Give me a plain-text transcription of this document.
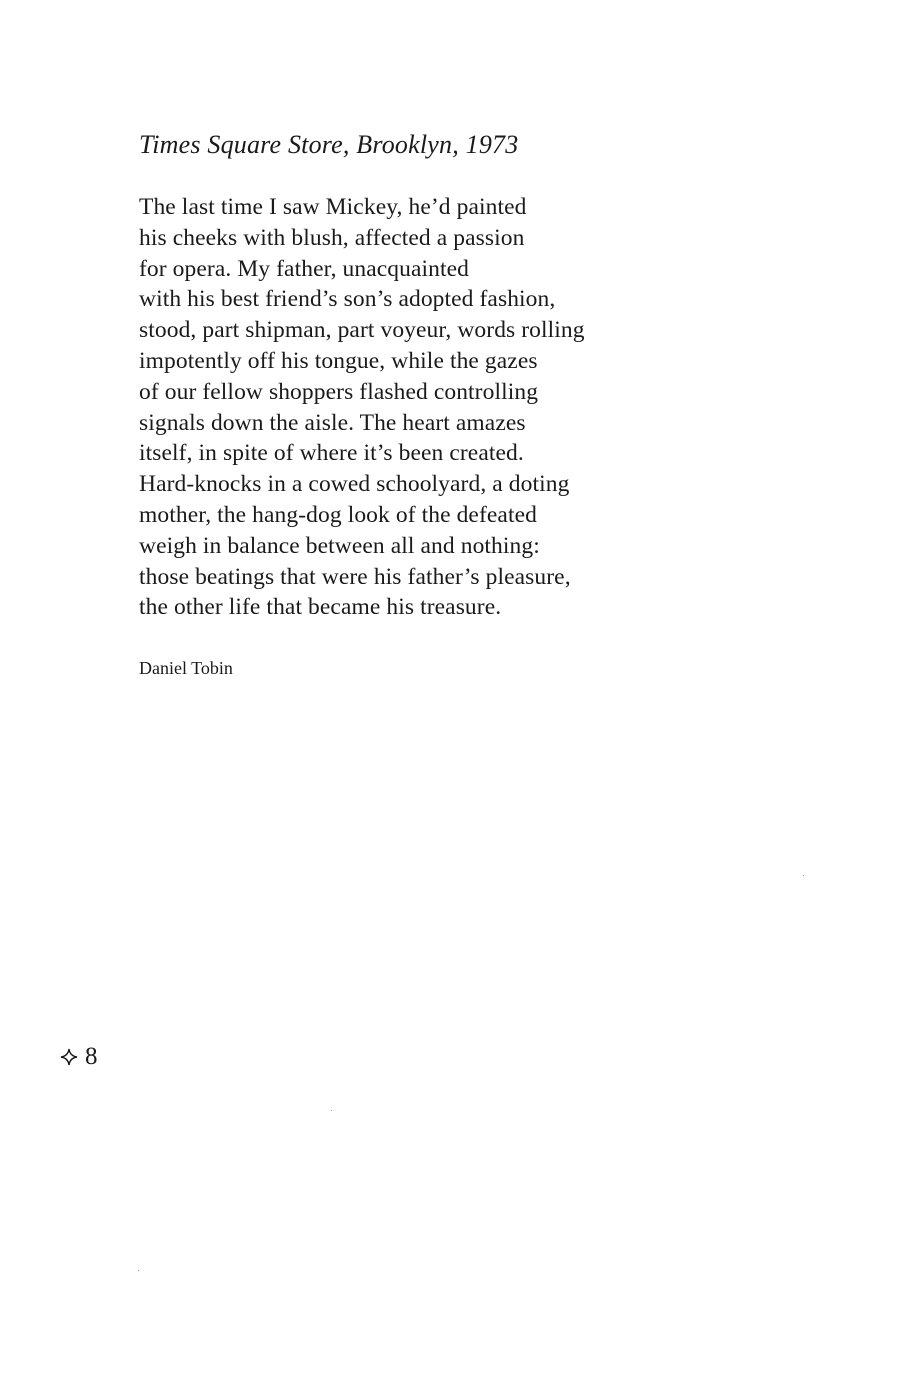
Times Square Store, Brooklyn, 1973
The last time I saw Mickey, he’d painted
his cheeks with blush, affected a passion
for opera. My father, unacquainted
with his best friend’s son’s adopted fashion,
stood, part shipman, part voyeur, words rolling
impotently off his tongue, while the gazes
of our fellow shoppers flashed controlling
signals down the aisle. The heart amazes
itself, in spite of where it’s been created.
Hard-knocks in a cowed schoolyard, a doting
mother, the hang-dog look of the defeated
weigh in balance between all and nothing:
those beatings that were his father’s pleasure,
the other life that became his treasure.
Daniel Tobin
8
